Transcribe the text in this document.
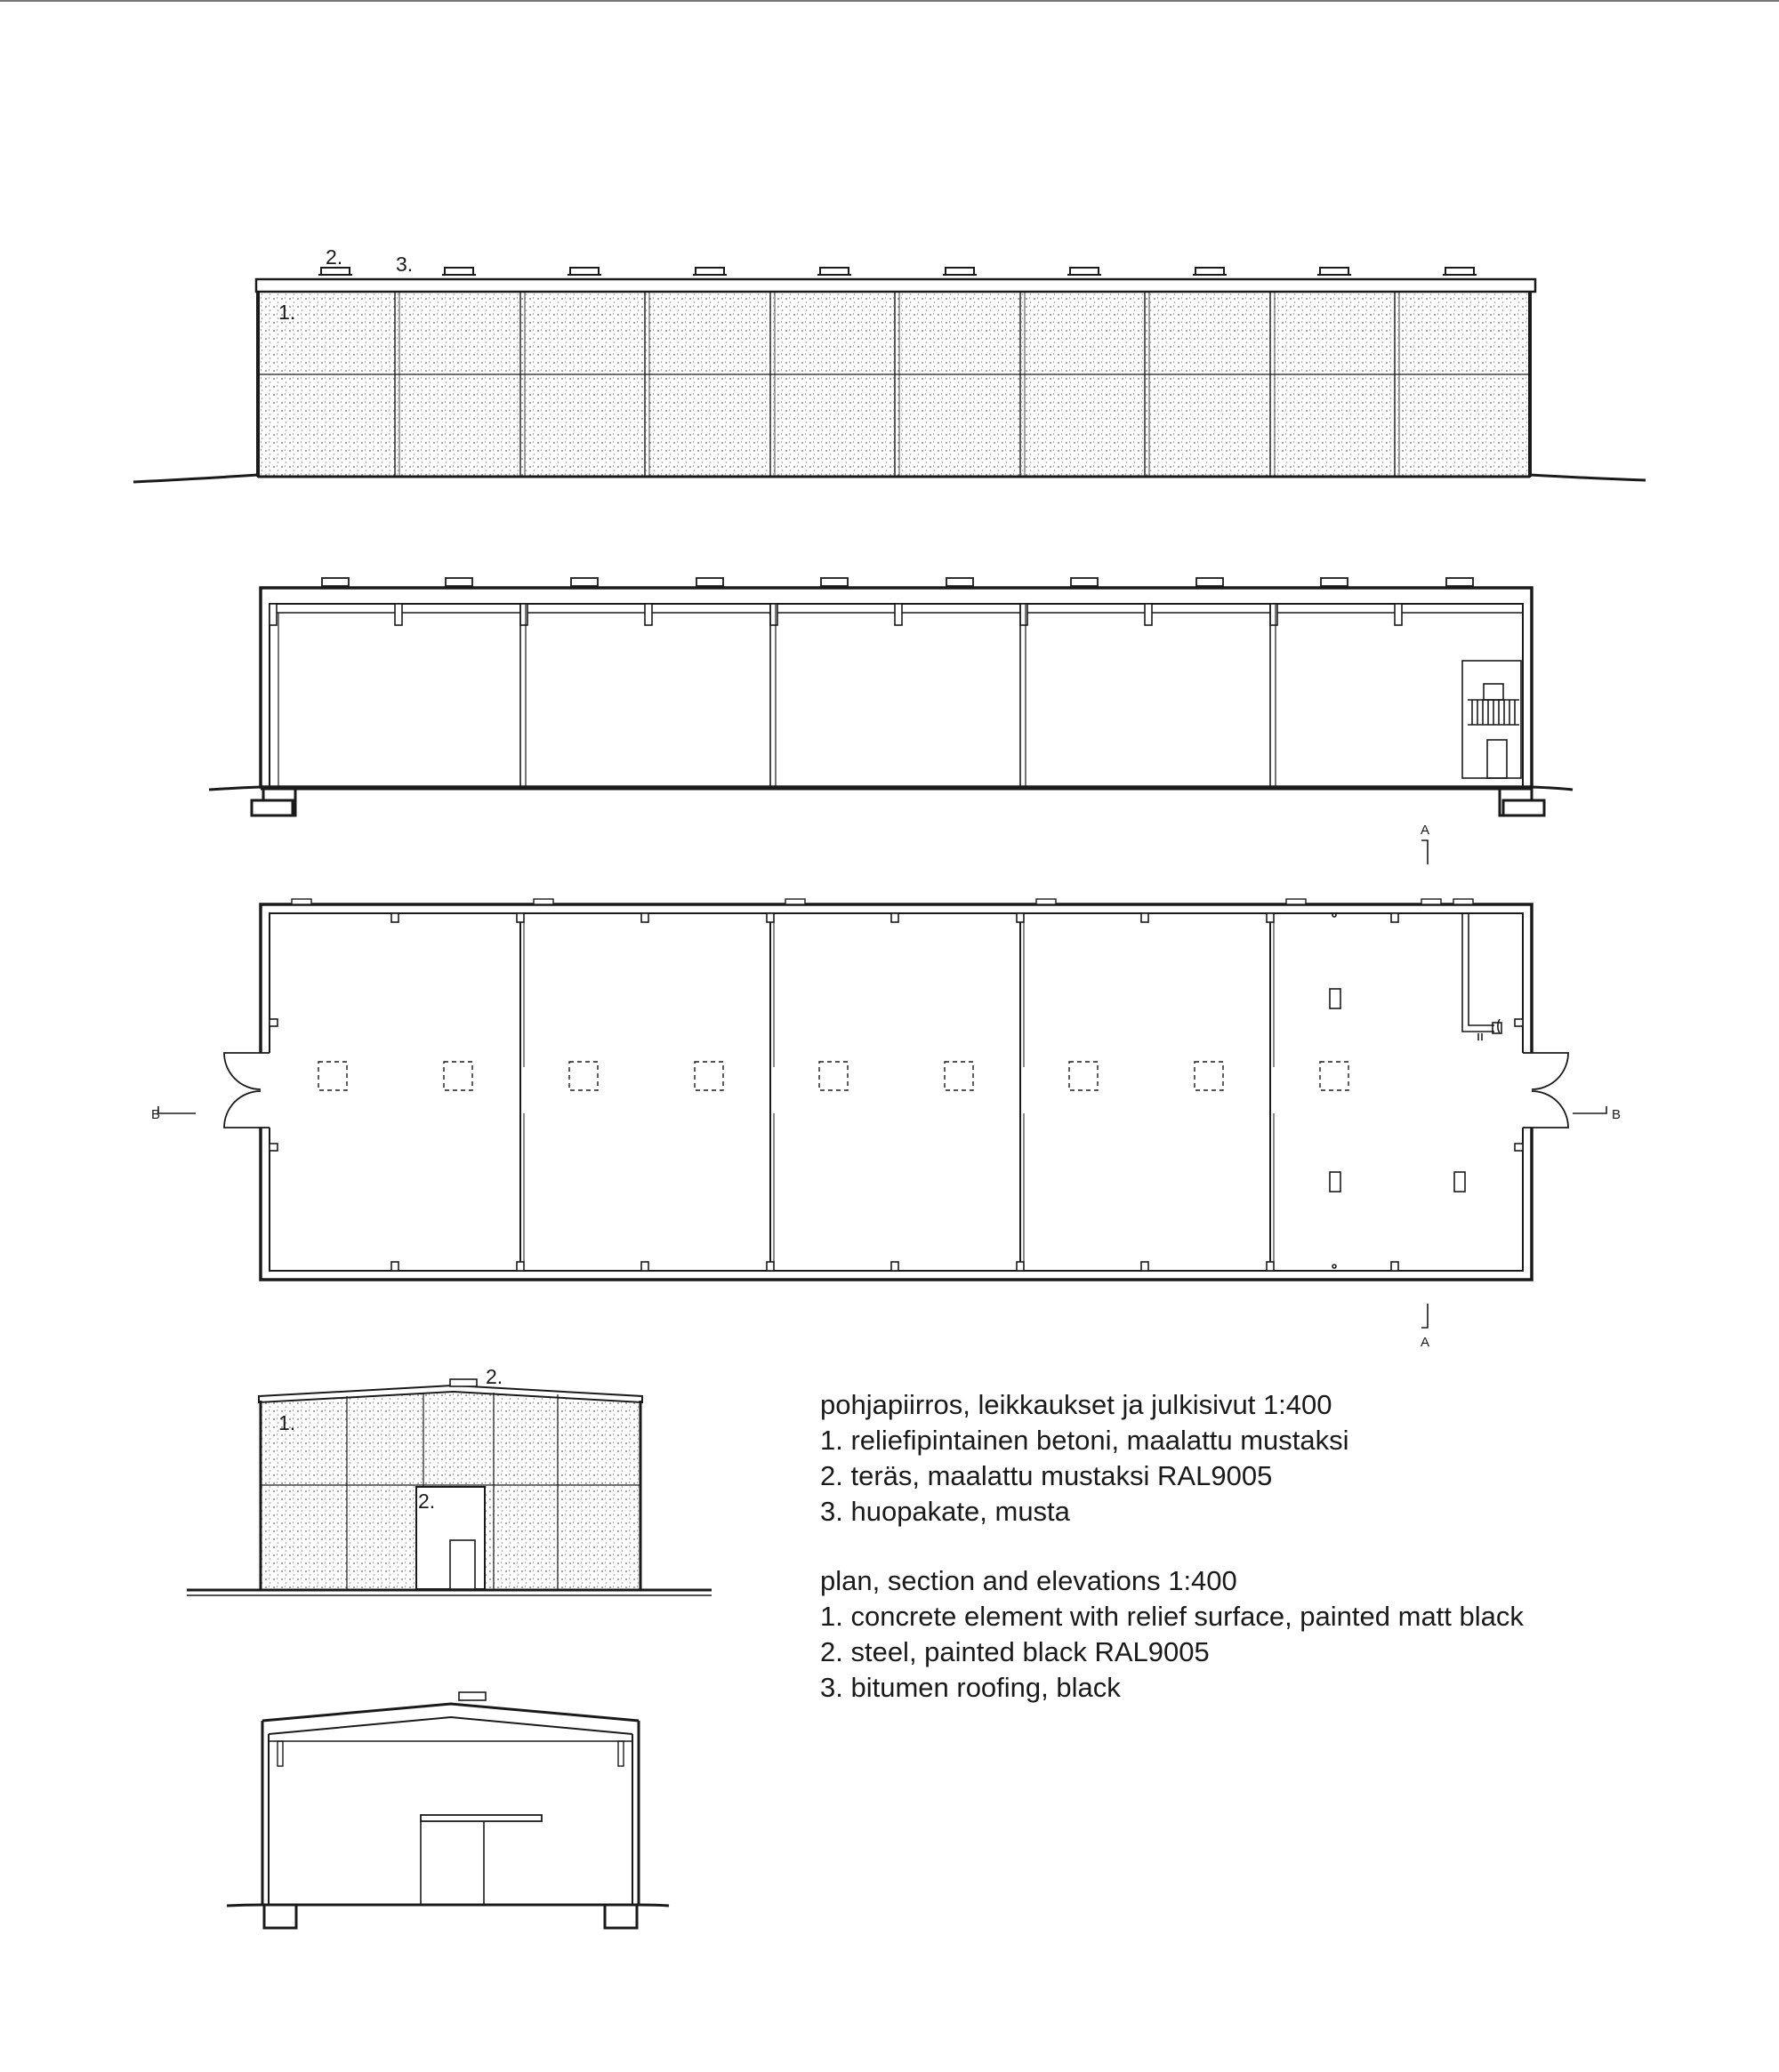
A
A
B	B
2.	3.
1.
2.
1.
2.

pohjapiirros, leikkaukset ja julkisivut 1:400

1. reliefipintainen betoni, maalattu mustaksi

2. teräs, maalattu mustaksi RAL9005

3. huopakate, musta

plan, section and elevations 1:400

1. concrete element with relief surface, painted matt black

2. steel, painted black RAL9005

3. bitumen roofing, black
